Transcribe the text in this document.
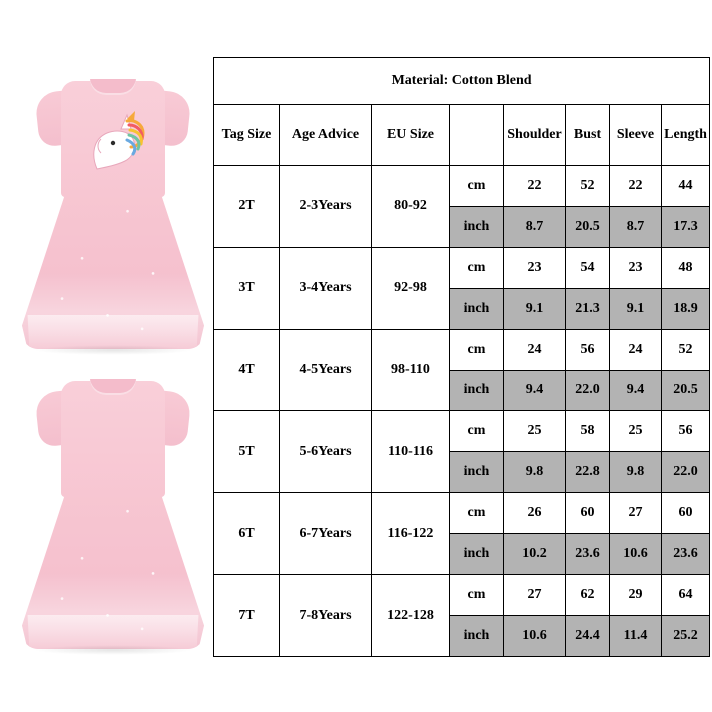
Material: Cotton Blend							
Tag Size	Age Advice	EU Size		Shoulder	Bust	Sleeve	Length
2T	2-3Years	80-92	cm	22	52	22	44
			inch	8.7	20.5	8.7	17.3
3T	3-4Years	92-98	cm	23	54	23	48
			inch	9.1	21.3	9.1	18.9
4T	4-5Years	98-110	cm	24	56	24	52
			inch	9.4	22.0	9.4	20.5
5T	5-6Years	110-116	cm	25	58	25	56
			inch	9.8	22.8	9.8	22.0
6T	6-7Years	116-122	cm	26	60	27	60
			inch	10.2	23.6	10.6	23.6
7T	7-8Years	122-128	cm	27	62	29	64
			inch	10.6	24.4	11.4	25.2
